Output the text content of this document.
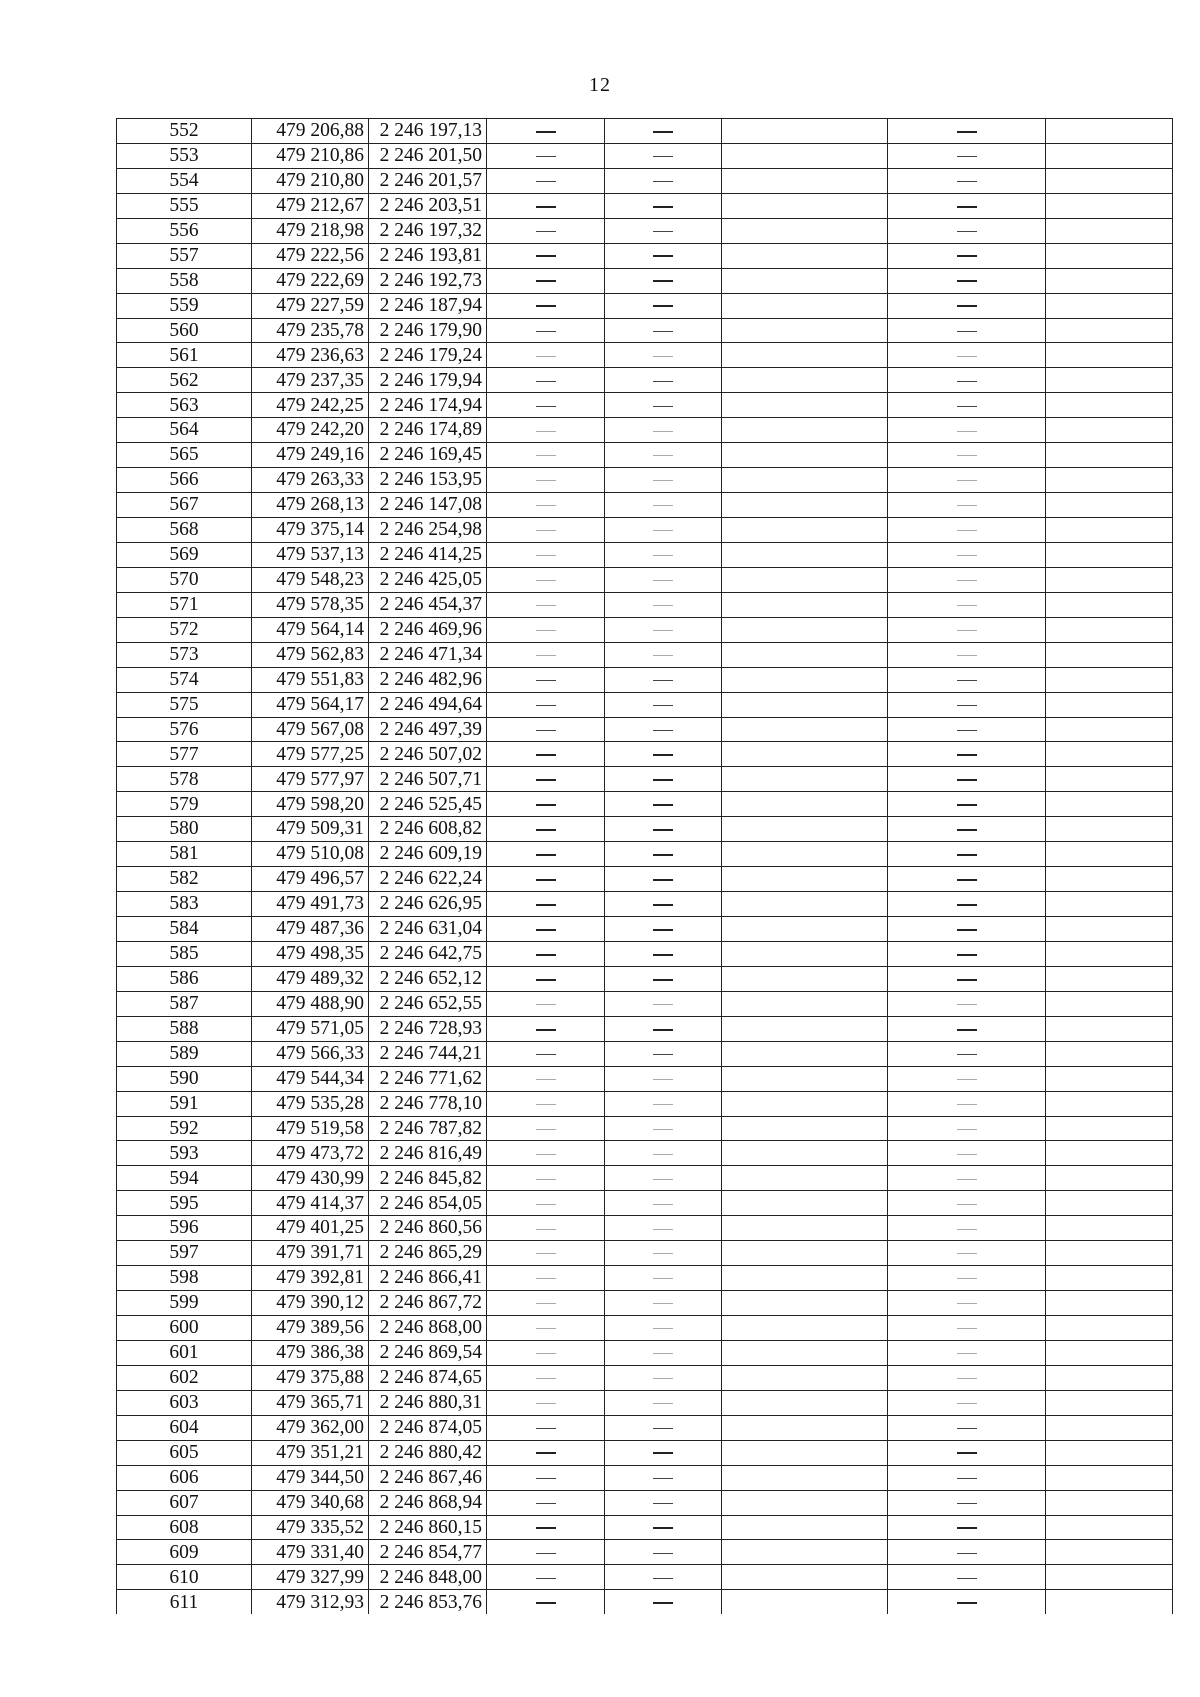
12
552	479 206,88	2 246 197,13					
553	479 210,86	2 246 201,50					
554	479 210,80	2 246 201,57					
555	479 212,67	2 246 203,51					
556	479 218,98	2 246 197,32					
557	479 222,56	2 246 193,81					
558	479 222,69	2 246 192,73					
559	479 227,59	2 246 187,94					
560	479 235,78	2 246 179,90					
561	479 236,63	2 246 179,24					
562	479 237,35	2 246 179,94					
563	479 242,25	2 246 174,94					
564	479 242,20	2 246 174,89					
565	479 249,16	2 246 169,45					
566	479 263,33	2 246 153,95					
567	479 268,13	2 246 147,08					
568	479 375,14	2 246 254,98					
569	479 537,13	2 246 414,25					
570	479 548,23	2 246 425,05					
571	479 578,35	2 246 454,37					
572	479 564,14	2 246 469,96					
573	479 562,83	2 246 471,34					
574	479 551,83	2 246 482,96					
575	479 564,17	2 246 494,64					
576	479 567,08	2 246 497,39					
577	479 577,25	2 246 507,02					
578	479 577,97	2 246 507,71					
579	479 598,20	2 246 525,45					
580	479 509,31	2 246 608,82					
581	479 510,08	2 246 609,19					
582	479 496,57	2 246 622,24					
583	479 491,73	2 246 626,95					
584	479 487,36	2 246 631,04					
585	479 498,35	2 246 642,75					
586	479 489,32	2 246 652,12					
587	479 488,90	2 246 652,55					
588	479 571,05	2 246 728,93					
589	479 566,33	2 246 744,21					
590	479 544,34	2 246 771,62					
591	479 535,28	2 246 778,10					
592	479 519,58	2 246 787,82					
593	479 473,72	2 246 816,49					
594	479 430,99	2 246 845,82					
595	479 414,37	2 246 854,05					
596	479 401,25	2 246 860,56					
597	479 391,71	2 246 865,29					
598	479 392,81	2 246 866,41					
599	479 390,12	2 246 867,72					
600	479 389,56	2 246 868,00					
601	479 386,38	2 246 869,54					
602	479 375,88	2 246 874,65					
603	479 365,71	2 246 880,31					
604	479 362,00	2 246 874,05					
605	479 351,21	2 246 880,42					
606	479 344,50	2 246 867,46					
607	479 340,68	2 246 868,94					
608	479 335,52	2 246 860,15					
609	479 331,40	2 246 854,77					
610	479 327,99	2 246 848,00					
611	479 312,93	2 246 853,76					
